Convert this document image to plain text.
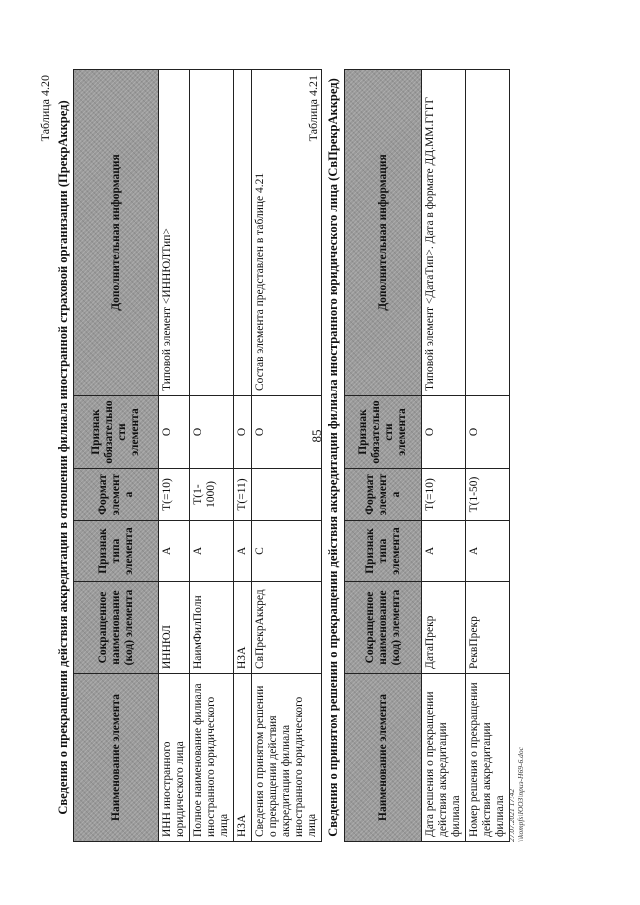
85
Таблица 4.20 Сведения о прекращении действия аккредитации в отношении филиала иностранной страховой организации (ПрекрАккред)	Наименование элемента	Сокращенное наименование (код) элемента	Признак типа элемента	Формат элемента	Признак обязательности элемента	Дополнительная информация
ИНН иностранного юридического лица	ИННЮЛ	А	T(=10)	О	Типовой элемент <ИННЮЛТип>
Полное наименование филиала иностранного юридического лица	НаимФилПолн	А	T(1-1000)	О	
НЗА	НЗА	А	T(=11)	О	
Сведения о принятом решении о прекращении действия аккредитации филиала иностранного юридического лица	СвПрекрАккред	С		О	Состав элемента представлен в таблице 4.21
Таблица 4.21 Сведения о принятом решении о прекращении действия аккредитации филиала иностранного юридического лица (СвПрекрАккред)	Наименование элемента	Сокращенное наименование (код) элемента	Признак типа элемента	Формат элемента	Признак обязательности элемента	Дополнительная информация
Дата решения о прекращении действия аккредитации филиала	ДатаПрекр	А	T(=10)	О	Типовой элемент <ДатаТип>. Дата в формате ДД.ММ.ГГГГ
Номер решения о прекращении действия аккредитации филиала	РеквПрекр	А	T(1-50)	О	
27.07.2021 17:42 \\kompfs\ЮОЗ\приз-Н69-6.doc
